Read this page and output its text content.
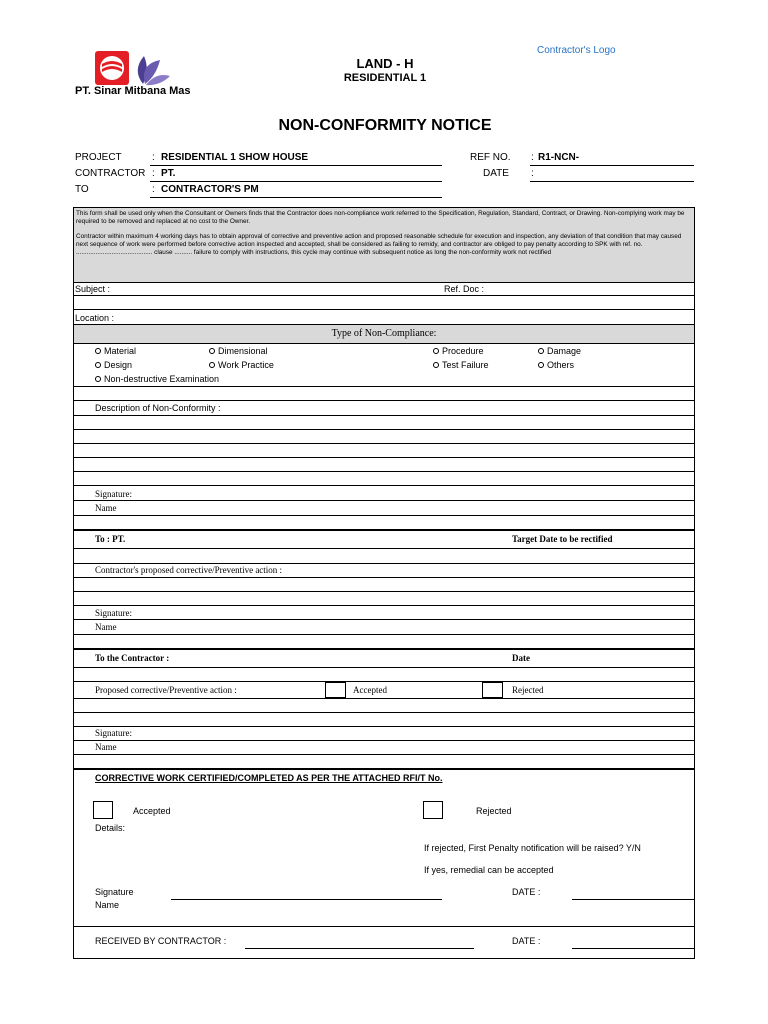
PT. Sinar Mitbana Mas
LAND - H
RESIDENTIAL 1
Contractor's Logo
NON-CONFORMITY NOTICE
PROJECT	: RESIDENTIAL 1 SHOW HOUSE
CONTRACTOR : PT.
TO	: CONTRACTOR'S PM
REF NO. : R1-NCN-
DATE :
This form shall be used only when the Consultant or Owners finds that the Contractor does non-compliance work referred to the Specification, Regulation, Standard, Contract, or Drawing. Non-complying work may be required to be removed and replaced at no cost to the Owner.
Contractor within maximum 4 working days has to obtain approval of corrective and preventive action and proposed reasonable schedule for execution and inspection, any deviation of that condition that may caused next sequence of work were performed before corrective action inspected and accepted, shall be considered as failing to remidy, and contractor are obliged to pay penalty according to SPK with ref. no. ........................................... clause .......... failure to comply with instructions, this cycle may continue with subsequent notice as long the non-conformity work not rectified
Subject :	Ref. Doc :
Location :
Type of Non-Compliance:
Material	Dimensional	Procedure	Damage
Design	Work Practice	Test Failure	Others
Non-destructive Examination
Description of Non-Conformity :
Signature:
Name
To : PT.	Target Date to be rectified
Contractor's proposed corrective/Preventive action :
Signature:
Name
To the Contractor :	Date
Proposed corrective/Preventive action :	Accepted	Rejected
Signature:
Name
CORRECTIVE WORK CERTIFIED/COMPLETED AS PER THE ATTACHED RFI/T No.
Accepted	Rejected
Details:
If rejected, First Penalty notification will be raised? Y/N
If yes, remedial can be accepted
Signature	DATE :
Name
RECEIVED BY CONTRACTOR :	DATE :
